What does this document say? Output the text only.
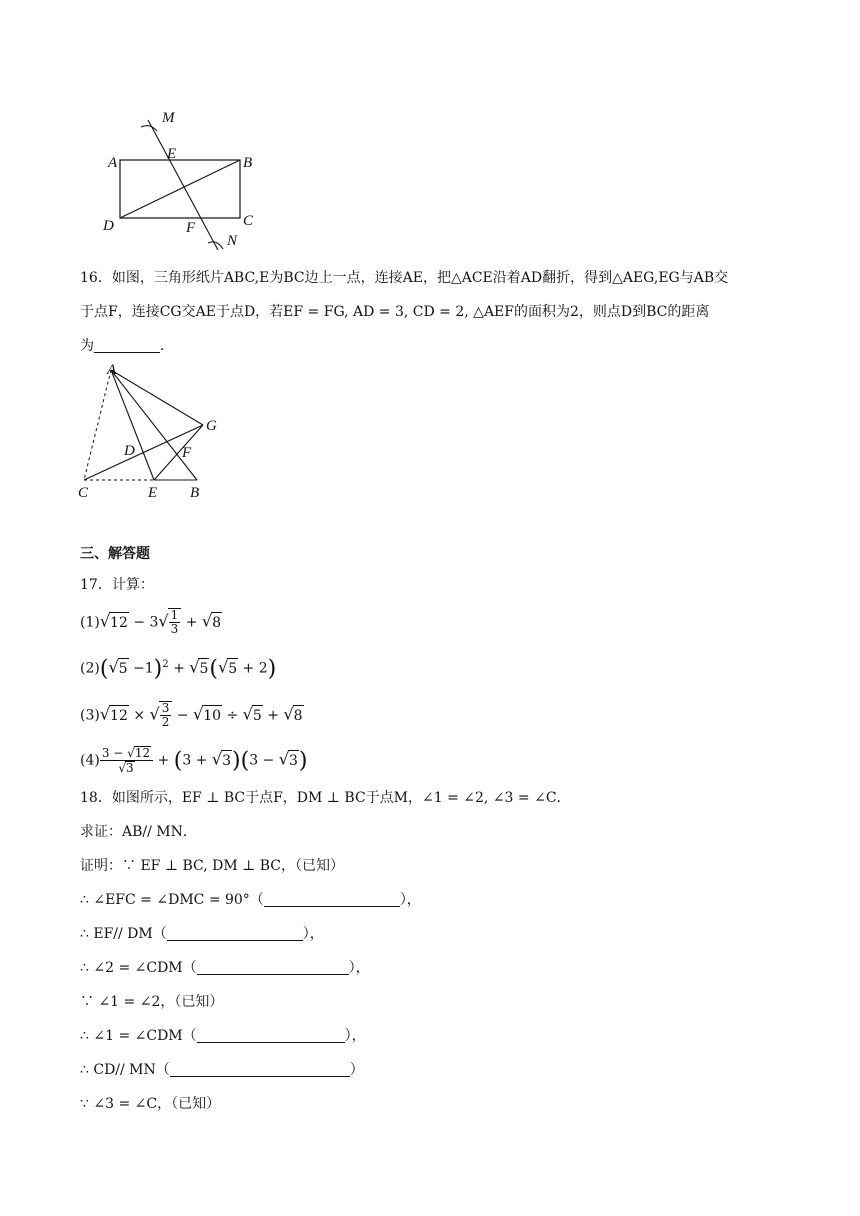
M
A
E
B
D	C
F
N
16．如图，三角形纸片ABC,E为BC边上一点，连接AE，把△ACE沿着AD翻折，得到△AEG,EG与AB交
于点F，连接CG交AE于点D，若EF = FG, AD = 3, CD = 2, △AEF的面积为2，则点D到BC的距离
为	．
A
G
D	F
C	E B
三、解答题
17．计算：
$(1)√12 - 3√ \frac{1}{3} + √8$
$(2)(√5 -1)^2 + √5(√5 + 2)$
(3)√12 × √ $\frac{3}{2} - √10 \div √5 + √8$
$(4) \frac{3 - √12}{√3} + (3 + √3)(3 - √3)$
18．如图所示，EF ⊥ BC于点F，DM ⊥ BC于点M，∠1 = ∠2, ∠3 = ∠C．
求证：AB// MN．
证明：∵ EF ⊥ BC, DM ⊥ BC，（已知）
∴ ∠EFC = ∠DMC = 90°（	），
∴ EF// DM（	），
∴ ∠2 = ∠CDM（	），
∵ ∠1 = ∠2，（已知）
∴ ∠1 = ∠CDM（	），
∴ CD// MN（	）
∵ ∠3 = ∠C，（已知）
